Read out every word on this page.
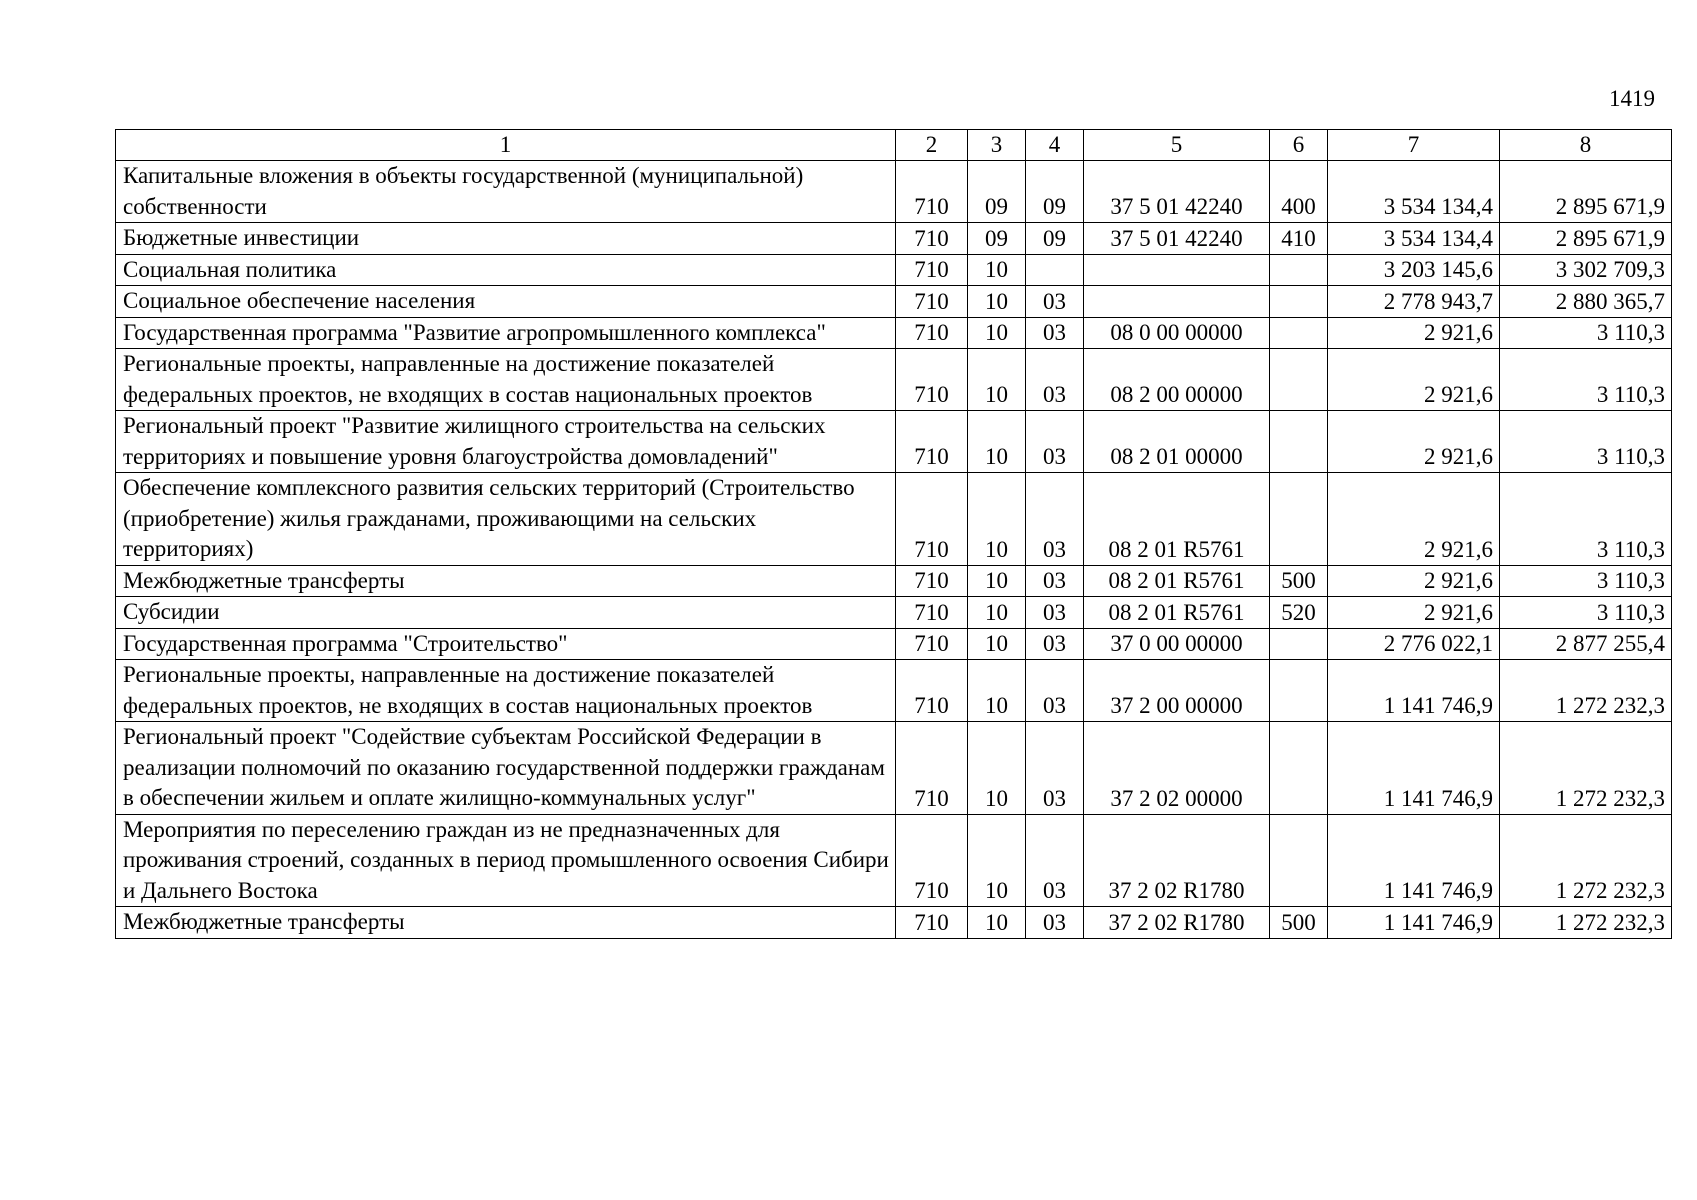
1419
1	2	3	4	5	6	7	8
Капитальные вложения в объекты государственной (муниципальной) собственности	710	09	09	37 5 01 42240	400	3 534 134,4	2 895 671,9
Бюджетные инвестиции	710	09	09	37 5 01 42240	410	3 534 134,4	2 895 671,9
Социальная политика	710	10				3 203 145,6	3 302 709,3
Социальное обеспечение населения	710	10	03			2 778 943,7	2 880 365,7
Государственная программа "Развитие агропромышленного комплекса"	710	10	03	08 0 00 00000		2 921,6	3 110,3
Региональные проекты, направленные на достижение показателей федеральных проектов, не входящих в состав национальных проектов	710	10	03	08 2 00 00000		2 921,6	3 110,3
Региональный проект "Развитие жилищного строительства на сельских территориях и повышение уровня благоустройства домовладений"	710	10	03	08 2 01 00000		2 921,6	3 110,3
Обеспечение комплексного развития сельских территорий (Строительство (приобретение) жилья гражданами, проживающими на сельских территориях)	710	10	03	08 2 01 R5761		2 921,6	3 110,3
Межбюджетные трансферты	710	10	03	08 2 01 R5761	500	2 921,6	3 110,3
Субсидии	710	10	03	08 2 01 R5761	520	2 921,6	3 110,3
Государственная программа "Строительство"	710	10	03	37 0 00 00000		2 776 022,1	2 877 255,4
Региональные проекты, направленные на достижение показателей федеральных проектов, не входящих в состав национальных проектов	710	10	03	37 2 00 00000		1 141 746,9	1 272 232,3
Региональный проект "Содействие субъектам Российской Федерации в реализации полномочий по оказанию государственной поддержки гражданам в обеспечении жильем и оплате жилищно-коммунальных услуг"	710	10	03	37 2 02 00000		1 141 746,9	1 272 232,3
Мероприятия по переселению граждан из не предназначенных для проживания строений, созданных в период промышленного освоения Сибири и Дальнего Востока	710	10	03	37 2 02 R1780		1 141 746,9	1 272 232,3
Межбюджетные трансферты	710	10	03	37 2 02 R1780	500	1 141 746,9	1 272 232,3
